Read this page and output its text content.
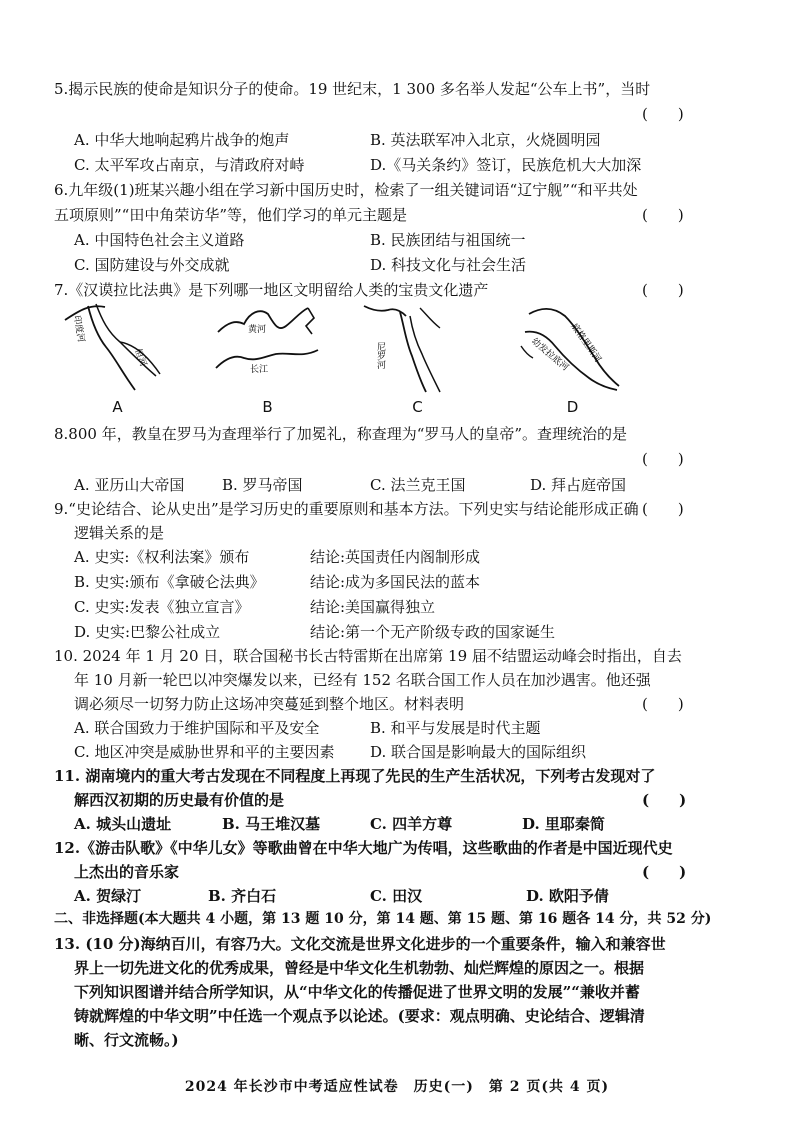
5.揭示民族的使命是知识分子的使命。19 世纪末，1 300 多名举人发起“公车上书”，当时
(　　)
A. 中华大地响起鸦片战争的炮声	B. 英法联军冲入北京，火烧圆明园
C. 太平军攻占南京，与清政府对峙	D.《马关条约》签订，民族危机大大加深
6.九年级(1)班某兴趣小组在学习新中国历史时，检索了一组关键词语“辽宁舰”“和平共处
五项原则”“田中角荣访华”等，他们学习的单元主题是	(　　)
A. 中国特色社会主义道路	B. 民族团结与祖国统一
C. 国防建设与外交成就	D. 科技文化与社会生活
7.《汉谟拉比法典》是下列哪一地区文明留给人类的宝贵文化遗产	(　　)
印度河
恒河
A
黄河
长江
B
尼罗河
C
底格里斯河
幼发拉底河
D
8.800 年，教皇在罗马为查理举行了加冕礼，称查理为“罗马人的皇帝”。查理统治的是
(　　)
A. 亚历山大帝国	B. 罗马帝国	C. 法兰克王国	D. 拜占庭帝国
9.“史论结合、论从史出”是学习历史的重要原则和基本方法。下列史实与结论能形成正确
逻辑关系的是
(　　)
A. 史实:《权利法案》颁布	结论:英国责任内阁制形成
B. 史实:颁布《拿破仑法典》	结论:成为多国民法的蓝本
C. 史实:发表《独立宣言》	结论:美国赢得独立
D. 史实:巴黎公社成立	结论:第一个无产阶级专政的国家诞生
10. 2024 年 1 月 20 日，联合国秘书长古特雷斯在出席第 19 届不结盟运动峰会时指出，自去
年 10 月新一轮巴以冲突爆发以来，已经有 152 名联合国工作人员在加沙遇害。他还强
调必须尽一切努力防止这场冲突蔓延到整个地区。材料表明	(　　)
A. 联合国致力于维护国际和平及安全	B. 和平与发展是时代主题
C. 地区冲突是威胁世界和平的主要因素 D. 联合国是影响最大的国际组织
11. 湖南境内的重大考古发现在不同程度上再现了先民的生产生活状况，下列考古发现对了
解西汉初期的历史最有价值的是	(　　)
A. 城头山遗址	B. 马王堆汉墓	C. 四羊方尊	D. 里耶秦简
12.《游击队歌》《中华儿女》等歌曲曾在中华大地广为传唱，这些歌曲的作者是中国近现代史
上杰出的音乐家	(　　)
A. 贺绿汀	B. 齐白石	C. 田汉	D. 欧阳予倩
二、非选择题(本大题共 4 小题，第 13 题 10 分，第 14 题、第 15 题、第 16 题各 14 分，共 52 分)
13. (10 分)海纳百川，有容乃大。文化交流是世界文化进步的一个重要条件，输入和兼容世
界上一切先进文化的优秀成果，曾经是中华文化生机勃勃、灿烂辉煌的原因之一。根据
下列知识图谱并结合所学知识，从“中华文化的传播促进了世界文明的发展”“兼收并蓄
铸就辉煌的中华文明”中任选一个观点予以论述。(要求：观点明确、史论结合、逻辑清
晰、行文流畅。)
2024 年长沙市中考适应性试卷　历史(一)　第 2 页(共 4 页)
